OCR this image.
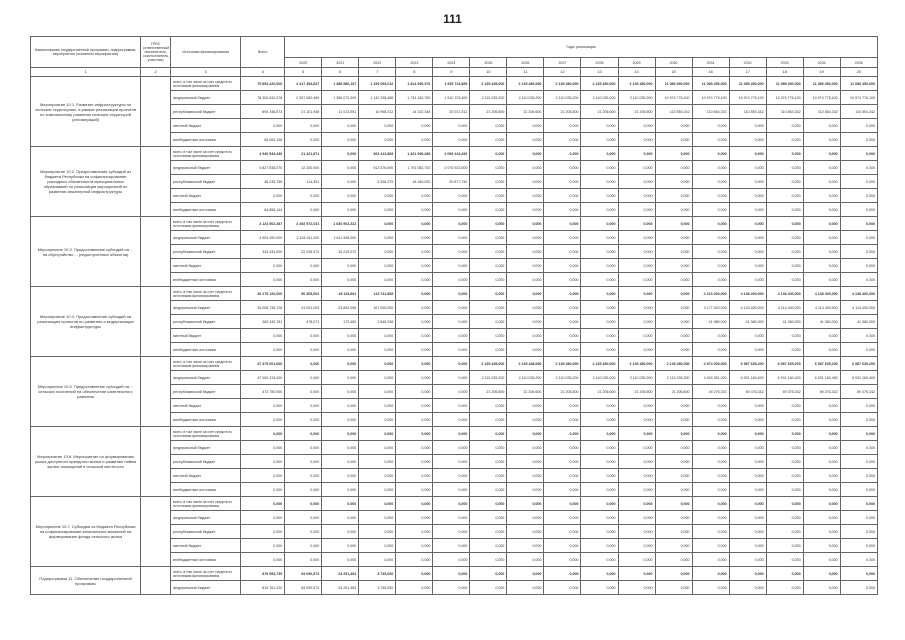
111
Наименование государственной программы, подпрограммы, мероприятия (основного мероприятия)	ГРБС (ответственный исполнитель, соисполнитель, участник)	Источники финансирования	Всего	Годы реализации															
				2020	2021	2022	2023	2024	2025	2026	2027	2028	2029	2030	2031	2032	2033	2034	2035
1	2	3	4	5	6	7	8	9	10	11	12	13	14	15	16	17	18	19	20
Мероприятие 10.1. Развитие инфраструктуры на сельских территориях, в рамках реализации проектов по комплексному развитию сельских территорий (агломераций)		всего, в том числе за счет средств по источникам финансирования	79 853 420,000	2 417 454,847	1 388 980,107	1 153 094,012	1 814 696,376	1 935 724,895	2 135 438,000	2 139 480,000	2 139 480,000	2 139 480,000	2 139 480,000	11 089 450,000	11 089 450,000	11 089 450,000	11 089 450,000	11 089 450,000	11 089 450,000
		федеральный бюджет	78 300 632,078	2 397 060,469	1 366 072,409	1 142 256,466	1 791 182,750	1 910 723,400	2 110 035,200	2 110 035,200	2 110 035,200	2 110 035,200	2 110 035,200	10 974 776,100	10 974 776,100	10 974 776,100	10 974 776,100	10 974 776,100	10 974 776,100
		республиканский бюджет	894 346,673	21 101,948	11 013,591	10 998,312	14 102,348	20 017,812	21 206,600	21 206,600	21 206,600	21 206,600	21 206,600	110 854,342	110 854,342	110 854,342	110 854,342	110 854,342	110 854,342
		местный бюджет	0,000	0,000	0,000	0,000	0,000	0,000	0,000	0,000	0,000	0,000	0,000	0,000	0,000	0,000	0,000	0,000	0,000
		внебюджетные источники	65 000,148	0,000	0,000	0,000	0,000	0,000	0,000	0,000	0,000	0,000	0,000	0,000	0,000	0,000	0,000	0,000	0,000
Мероприятие 10.2. Предоставление субсидий из бюджета Республики на софинансирование расходных обязательств муниципальных образований по реализации мероприятий по развитию инженерной инфраструктуры		всего, в том числе за счет средств по источникам финансирования	4 940 933,436	21 421,871	0,000	923 412,869	1 821 096,280	2 099 124,492	0,000	0,000	0,000	0,000	0,000	0,000	0,000	0,000	0,000	0,000	0,000
		федеральный бюджет	4 827 836,070	12 300,900	0,000	912 676,500	1 791 082,700	2 076 922,600	0,000	0,000	0,000	0,000	0,000	0,000	0,000	0,000	0,000	0,000	0,000
		республиканский бюджет	48 235,755	114,301	0,000	9 326,379	18 160,020	20 877,742	0,000	0,000	0,000	0,000	0,000	0,000	0,000	0,000	0,000	0,000	0,000
		местный бюджет	0,000	0,000	0,000	0,000	0,000	0,000	0,000	0,000	0,000	0,000	0,000	0,000	0,000	0,000	0,000	0,000	0,000
		внебюджетные источники	64 855,144	0,000	0,000	0,000	0,000	0,000	0,000	0,000	0,000	0,000	0,000	0,000	0,000	0,000	0,000	0,000	0,000
Мероприятие 10.3. Предоставление субсидий на ... на обустройство ... (недостроенных объектов)		всего, в том числе за счет средств по источникам финансирования	4 124 502,287	2 492 972,031	1 630 902,322	0,000	0,000	0,000	0,000	0,000	0,000	0,000	0,000	0,000	0,000	0,000	0,000	0,000	0,000
		федеральный бюджет	3 904 390,000	2 434 911,200	1 611 908,000	0,000	0,000	0,000	0,000	0,000	0,000	0,000	0,000	0,000	0,000	0,000	0,000	0,000	0,000
		республиканский бюджет	343 434,000	22 238,574	15 219,072	0,000	0,000	0,000	0,000	0,000	0,000	0,000	0,000	0,000	0,000	0,000	0,000	0,000	0,000
		местный бюджет	0,000	0,000	0,000	0,000	0,000	0,000	0,000	0,000	0,000	0,000	0,000	0,000	0,000	0,000	0,000	0,000	0,000
		внебюджетные источники	0,000	0,000	0,000	0,000	0,000	0,000	0,000	0,000	0,000	0,000	0,000	0,000	0,000	0,000	0,000	0,000	0,000
Мероприятие 10.4. Предоставление субсидий на реализацию проектов по развитию и модернизации инфраструктуры		всего, в том числе за счет средств по источникам финансирования	26 275 120,000	50 305,002	28 115,891	113 741,808	0,000	0,000	0,000	0,000	0,000	0,000	0,000	0,000	4 213 400,000	4 138 400,000	4 138 400,000	4 138 400,000	4 138 400,000
		федеральный бюджет	26 008 735,728	24 001,003	23 892,056	107 000,000	0,000	0,000	0,000	0,000	0,000	0,000	0,000	0,000	4 177 420,000	4 143 400,000	4 114 400,000	4 114 400,000	4 114 400,000
		республиканский бюджет	265 340,781	478,071	172,482	2 545,338	0,000	0,000	0,000	0,000	0,000	0,000	0,000	0,000	41 980,000	41 380,000	41 380,000	41 380,000	41 380,000
		местный бюджет	0,000	0,000	0,000	0,000	0,000	0,000	0,000	0,000	0,000	0,000	0,000	0,000	0,000	0,000	0,000	0,000	0,000
		внебюджетные источники	0,000	0,000	0,000	0,000	0,000	0,000	0,000	0,000	0,000	0,000	0,000	0,000	0,000	0,000	0,000	0,000	0,000
Мероприятие 10.5. Предоставление субсидий на ... сельских поселений на обеспечение комплексного развития		всего, в том числе за счет средств по источникам финансирования	47 475 001,000	0,000	0,000	0,000	0,000	0,000	2 135 438,000	2 135 438,000	2 139 480,000	2 139 480,000	2 139 480,000	2 139 480,000	4 974 000,000	6 987 635,200	6 987 635,200	6 987 635,200	6 987 635,200
		федеральный бюджет	47 000 315,000	0,000	0,000	0,000	0,000	0,000	2 110 035,200	2 110 035,200	2 110 035,200	2 110 035,200	2 110 035,200	2 110 035,200	4 924 351,200	6 931 160,400	6 931 160,400	6 931 160,400	6 931 160,400
		республиканский бюджет	474 750,000	0,000	0,000	0,000	0,000	0,000	21 206,600	21 206,600	21 206,600	21 206,600	21 206,600	21 206,600	49 276,342	69 376,342	69 376,342	69 376,342	69 376,342
		местный бюджет	0,000	0,000	0,000	0,000	0,000	0,000	0,000	0,000	0,000	0,000	0,000	0,000	0,000	0,000	0,000	0,000	0,000
		внебюджетные источники	0,000	0,000	0,000	0,000	0,000	0,000	0,000	0,000	0,000	0,000	0,000	0,000	0,000	0,000	0,000	0,000	0,000
Мероприятие 10.6. Мероприятия по формированию рынка доступного арендного жилья и развитию найма жилых помещений в сельской местности		всего, в том числе за счет средств по источникам финансирования	0,000	0,000	0,000	0,000	0,000	0,000	0,000	0,000	0,000	0,000	0,000	0,000	0,000	0,000	0,000	0,000	0,000
		федеральный бюджет	0,000	0,000	0,000	0,000	0,000	0,000	0,000	0,000	0,000	0,000	0,000	0,000	0,000	0,000	0,000	0,000	0,000
		республиканский бюджет	0,000	0,000	0,000	0,000	0,000	0,000	0,000	0,000	0,000	0,000	0,000	0,000	0,000	0,000	0,000	0,000	0,000
		местный бюджет	0,000	0,000	0,000	0,000	0,000	0,000	0,000	0,000	0,000	0,000	0,000	0,000	0,000	0,000	0,000	0,000	0,000
		внебюджетные источники	0,000	0,000	0,000	0,000	0,000	0,000	0,000	0,000	0,000	0,000	0,000	0,000	0,000	0,000	0,000	0,000	0,000
Мероприятие 10.7. Субсидии из бюджета Республики на софинансирование капитальных вложений на формирование фонда сельского жилья		всего, в том числе за счет средств по источникам финансирования	0,000	0,000	0,000	0,000	0,000	0,000	0,000	0,000	0,000	0,000	0,000	0,000	0,000	0,000	0,000	0,000	0,000
		федеральный бюджет	0,000	0,000	0,000	0,000	0,000	0,000	0,000	0,000	0,000	0,000	0,000	0,000	0,000	0,000	0,000	0,000	0,000
		республиканский бюджет	0,000	0,000	0,000	0,000	0,000	0,000	0,000	0,000	0,000	0,000	0,000	0,000	0,000	0,000	0,000	0,000	0,000
		местный бюджет	0,000	0,000	0,000	0,000	0,000	0,000	0,000	0,000	0,000	0,000	0,000	0,000	0,000	0,000	0,000	0,000	0,000
		внебюджетные источники	0,000	0,000	0,000	0,000	0,000	0,000	0,000	0,000	0,000	0,000	0,000	0,000	0,000	0,000	0,000	0,000	0,000
Подпрограмма 11. Обеспечение государственной программы		всего, в том числе за счет средств по источникам финансирования	879 593,735	69 090,574	24 251,463	3 745,000	0,000	0,000	0,000	0,000	0,000	0,000	0,000	0,000	0,000	0,000	0,000	0,000	0,000
		федеральный бюджет	819 761,220	69 090,574	24 251,463	3 745,000	0,000	0,000	0,000	0,000	0,000	0,000	0,000	0,000	0,000	0,000	0,000	0,000	0,000
